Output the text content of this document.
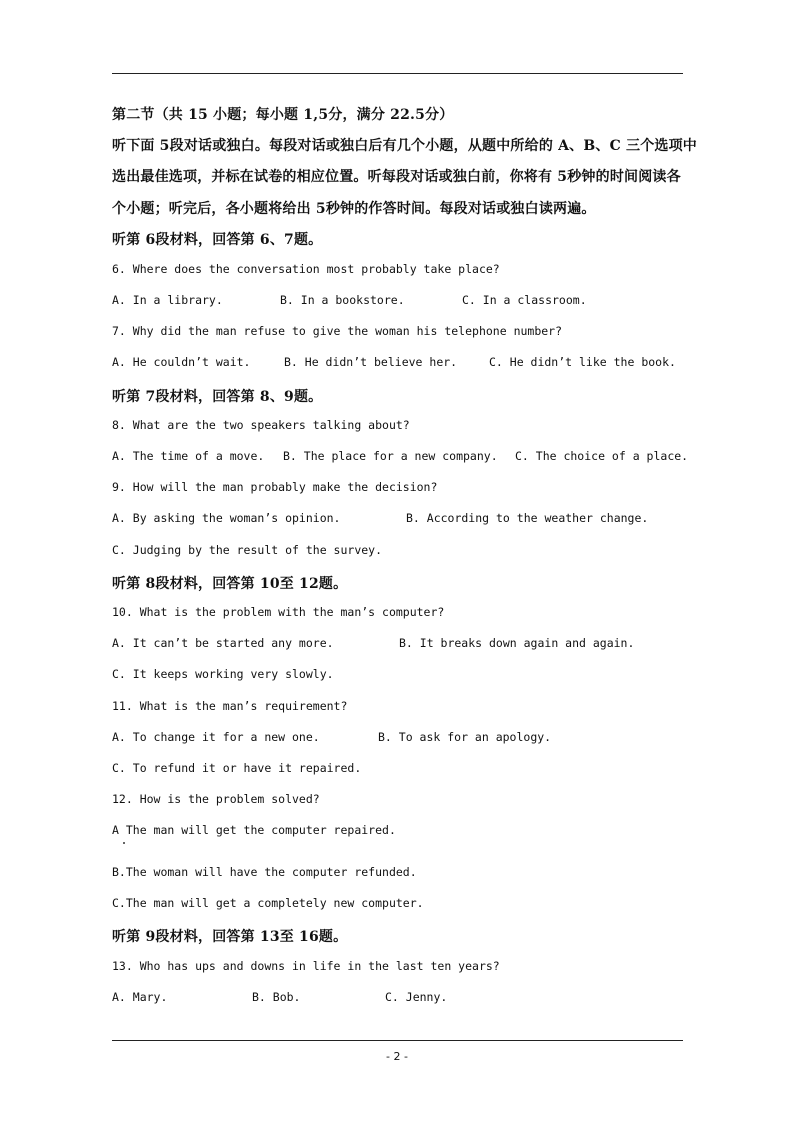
第二节（共 15 小题；每小题 1,5分，满分 22.5分）
听下面 5段对话或独白。每段对话或独白后有几个小题，从题中所给的 A、B、C 三个选项中
选出最佳选项，并标在试卷的相应位置。听每段对话或独白前，你将有 5秒钟的时间阅读各
个小题；听完后，各小题将给出 5秒钟的作答时间。每段对话或独白读两遍。
听第 6段材料，回答第 6、7题。
6. Where does the conversation most probably take place?
A. In a library.	B. In a bookstore.	C. In a classroom.
7. Why did the man refuse to give the woman his telephone number?
A. He couldn’t wait.	B. He didn’t believe her.	C. He didn’t like the book.
听第 7段材料，回答第 8、9题。
8. What are the two speakers talking about?
A. The time of a move. B. The place for a new company. C. The choice of a place.
9. How will the man probably make the decision?
A. By asking the woman’s opinion.	B. According to the weather change.
C. Judging by the result of the survey.
听第 8段材料，回答第 10至 12题。
10. What is the problem with the man’s computer?
A. It can’t be started any more.	B. It breaks down again and again.
C. It keeps working very slowly.
11. What is the man’s requirement?
A. To change it for a new one.	B. To ask for an apology.
C. To refund it or have it repaired.
12. How is the problem solved?
A The man will get the computer repaired.
B.The woman will have the computer refunded.
C.The man will get a completely new computer.
听第 9段材料，回答第 13至 16题。
13. Who has ups and downs in life in the last ten years?
A. Mary.	B. Bob.	C. Jenny.
- 2 -
